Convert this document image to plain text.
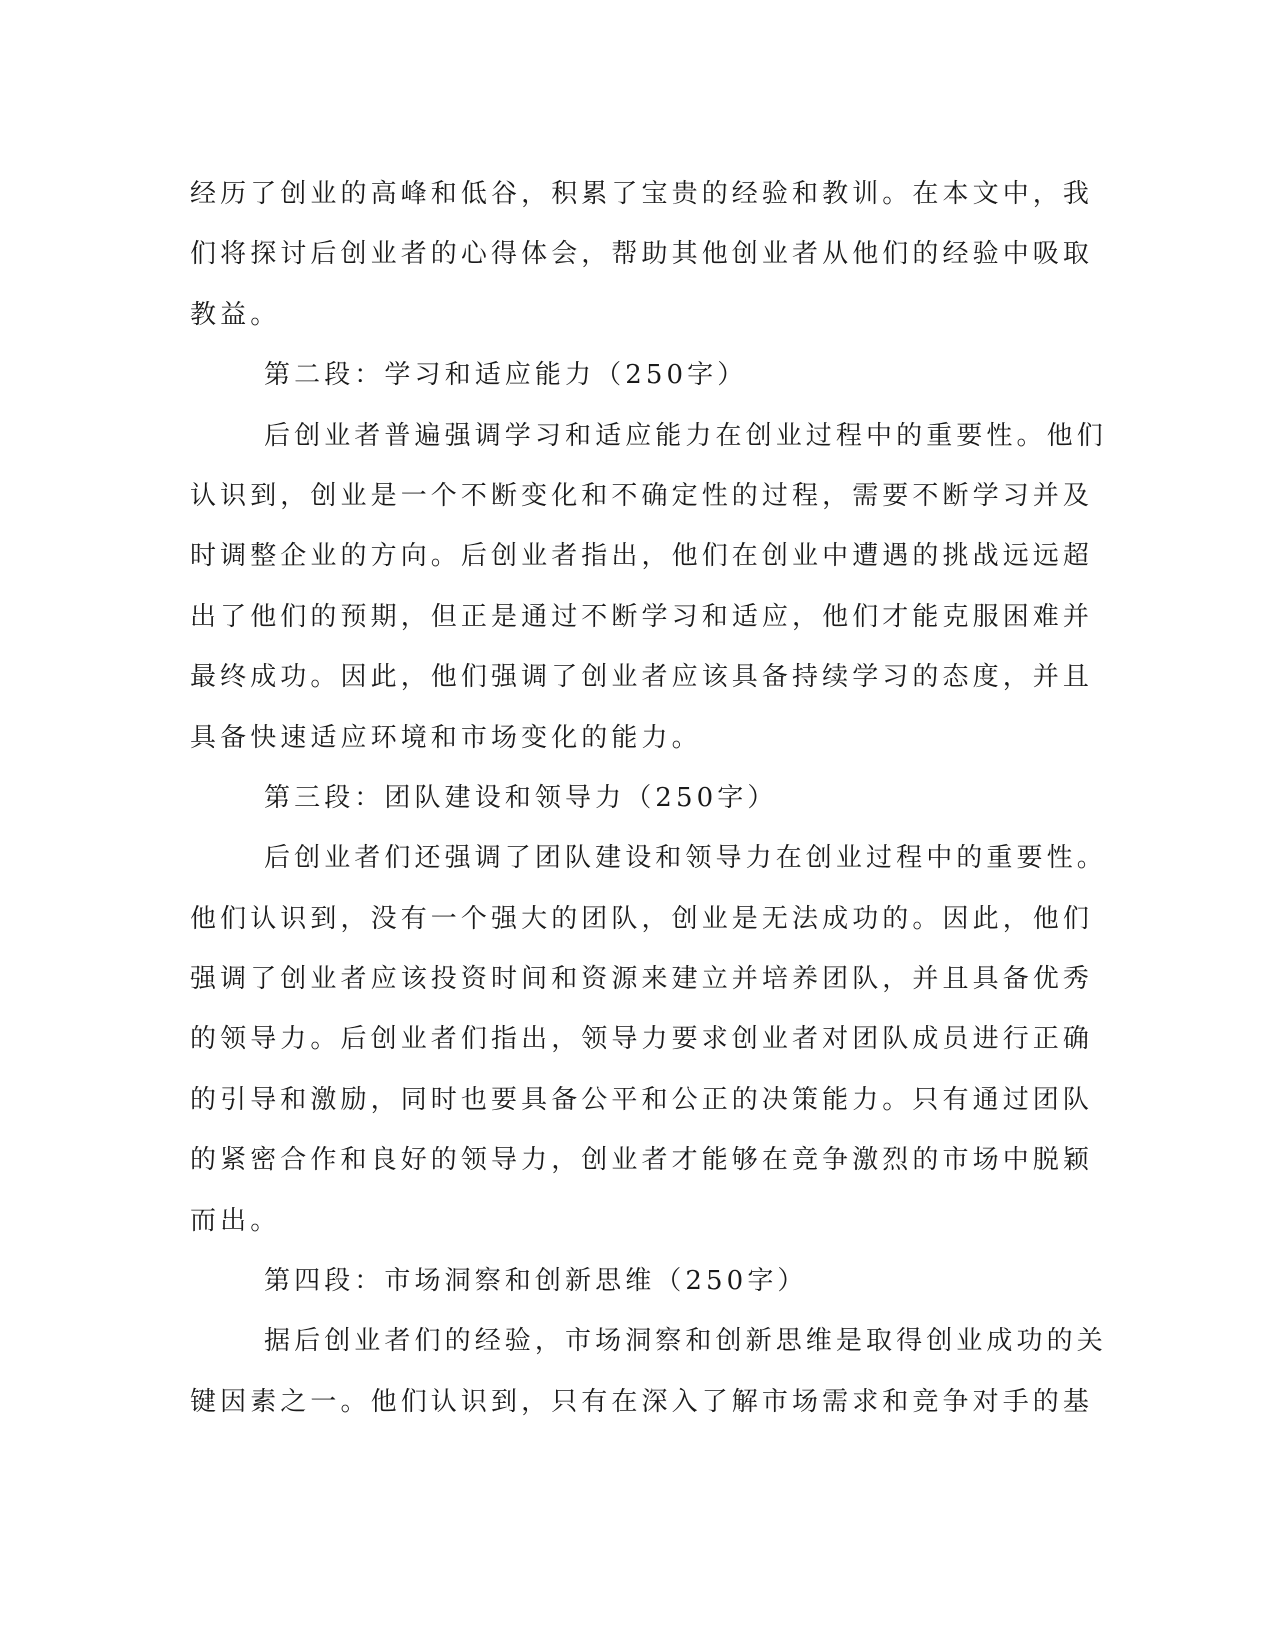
经历了创业的高峰和低谷，积累了宝贵的经验和教训。在本文中，我
们将探讨后创业者的心得体会，帮助其他创业者从他们的经验中吸取
教益。
第二段：学习和适应能力（250字）
后创业者普遍强调学习和适应能力在创业过程中的重要性。他们
认识到，创业是一个不断变化和不确定性的过程，需要不断学习并及
时调整企业的方向。后创业者指出，他们在创业中遭遇的挑战远远超
出了他们的预期，但正是通过不断学习和适应，他们才能克服困难并
最终成功。因此，他们强调了创业者应该具备持续学习的态度，并且
具备快速适应环境和市场变化的能力。
第三段：团队建设和领导力（250字）
后创业者们还强调了团队建设和领导力在创业过程中的重要性。
他们认识到，没有一个强大的团队，创业是无法成功的。因此，他们
强调了创业者应该投资时间和资源来建立并培养团队，并且具备优秀
的领导力。后创业者们指出，领导力要求创业者对团队成员进行正确
的引导和激励，同时也要具备公平和公正的决策能力。只有通过团队
的紧密合作和良好的领导力，创业者才能够在竞争激烈的市场中脱颖
而出。
第四段：市场洞察和创新思维（250字）
据后创业者们的经验，市场洞察和创新思维是取得创业成功的关
键因素之一。他们认识到，只有在深入了解市场需求和竞争对手的基
